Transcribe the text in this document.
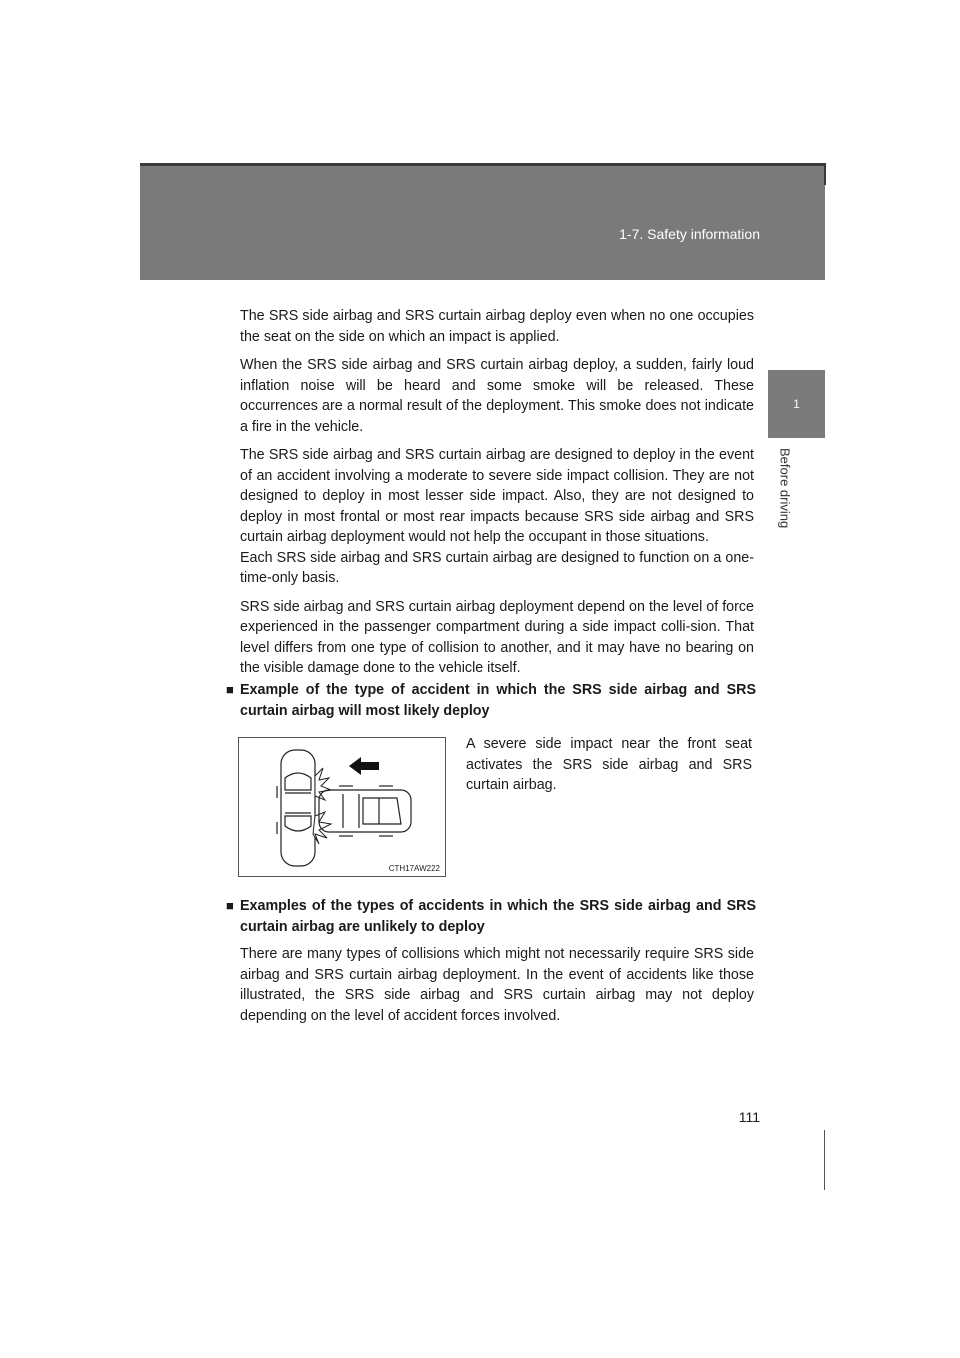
1-7. Safety information
1
Before driving

The SRS side airbag and SRS curtain airbag deploy even when no one occupies the seat on the side on which an impact is applied.

When the SRS side airbag and SRS curtain airbag deploy, a sudden, fairly loud inflation noise will be heard and some smoke will be released. These occurrences are a normal result of the deployment. This smoke does not indicate a fire in the vehicle.

The SRS side airbag and SRS curtain airbag are designed to deploy in the event of an accident involving a moderate to severe side impact collision. They are not designed to deploy in most lesser side impact. Also, they are not designed to deploy in most frontal or most rear impacts because SRS side airbag and SRS curtain airbag deployment would not help the occupant in those situations.

Each SRS side airbag and SRS curtain airbag are designed to function on a one-time-only basis.

SRS side airbag and SRS curtain airbag deployment depend on the level of force experienced in the passenger compartment during a side impact colli-sion. That level differs from one type of collision to another, and it may have no bearing on the visible damage done to the vehicle itself.

■ Example of the type of accident in which the SRS side airbag and SRS curtain airbag will most likely deploy
CTH17AW222
A severe side impact near the front seat activates the SRS side airbag and SRS curtain airbag.
■ Examples of the types of accidents in which the SRS side airbag and SRS curtain airbag are unlikely to deploy
There are many types of collisions which might not necessarily require SRS side airbag and SRS curtain airbag deployment. In the event of accidents like those illustrated, the SRS side airbag and SRS curtain airbag may not deploy depending on the level of accident forces involved.
111
